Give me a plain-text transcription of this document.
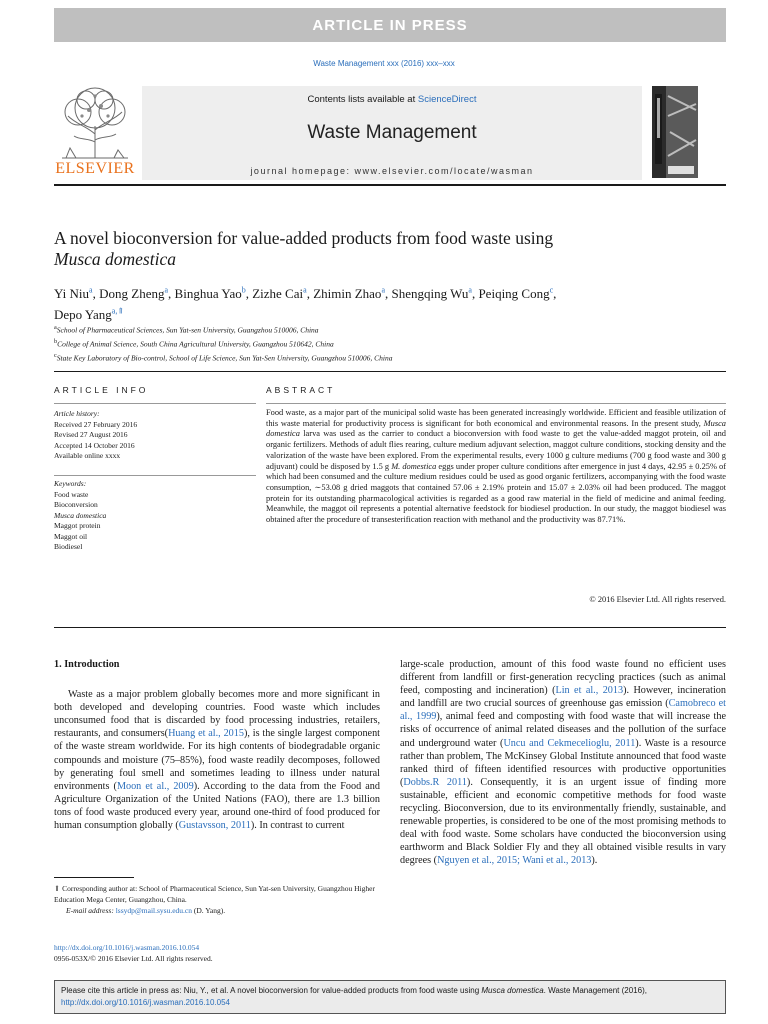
ARTICLE IN PRESS
Waste Management xxx (2016) xxx–xxx
ELSEVIER
Contents lists available at ScienceDirect
Waste Management
journal homepage: www.elsevier.com/locate/wasman
A novel bioconversion for value-added products from food waste using
Musca domestica
Yi Niu$^a$, Dong Zheng$^a$, Binghua Yao$^b$, Zizhe Cai$^a$, Zhimin Zhao$^a$, Shengqing Wu$^a$, Peiqing Cong$^c$,
Depo Yang$^{a,⇑}$
$^a$School of Pharmaceutical Sciences, Sun Yat-sen University, Guangzhou 510006, China
$^b$College of Animal Science, South China Agricultural University, Guangzhou 510642, China
$^c$State Key Laboratory of Bio-control, School of Life Science, Sun Yat-Sen University, Guangzhou 510006, China
ARTICLE INFO	ABSTRACT
Article history:
Received 27 February 2016
Revised 27 August 2016
Accepted 14 October 2016
Available online xxxx
Keywords:
Food waste
Bioconversion
Musca domestica
Maggot protein
Maggot oil
Biodiesel
Food waste, as a major part of the municipal solid waste has been generated increasingly worldwide. Efficient and feasible utilization of this waste material for productivity process is significant for both economical and environmental reasons. In the present study, Musca domestica larva was used as the carrier to conduct a bioconversion with food waste to get the value-added maggot protein, oil and organic fertilizers. Methods of adult flies rearing, culture medium adjuvant selection, maggot culture conditions, stocking density and the valorization of the waste have been explored. From the experimental results, every 1000 g culture mediums (700 g food waste and 300 g adjuvant) could be disposed by 1.5 g M. domestica eggs under proper culture conditions after emergence in just 4 days, 42.95 ± 0.25% of which had been consumed and the culture medium residues could be used as good organic fertilizers, accompanying with the food waste consumption, ∼53.08 g dried maggots that contained 57.06 ± 2.19% protein and 15.07 ± 2.03% oil had been produced. The maggot protein for its outstanding pharmacological activities is regarded as a good raw material in the field of medicine and animal feeding. Meanwhile, the maggot oil represents a potential alternative feedstock for biodiesel production. In our study, the maggot biodiesel was obtained after the procedure of transesterification reaction with methanol and the productivity was 87.71%.
© 2016 Elsevier Ltd. All rights reserved.
1. Introduction
Waste as a major problem globally becomes more and more significant in both developed and developing countries. Food waste which includes unconsumed food that is discarded by food processing industries, retailers, restaurants, and consumers(Huang et al., 2015), is the single largest component of the waste stream worldwide. For its high contents of biodegradable organic compounds and moisture (75–85%), food waste readily decomposes, followed by generating foul smell and sometimes leading to illness under natural environments (Moon et al., 2009). According to the data from the Food and Agriculture Organization of the United Nations (FAO), there are 1.3 billion tons of food waste produced every year, around one-third of food produced for human consumption globally (Gustavsson, 2011). In contrast to current
large-scale production, amount of this food waste found no efficient uses different from landfill or first-generation recycling practices (such as animal feed, composting and incineration) (Lin et al., 2013). However, incineration and landfill are two crucial sources of greenhouse gas emission (Camobreco et al., 1999), animal feed and composting with food waste that will increase the risks of occurrence of animal related diseases and the pollution of the surface and underground water (Uncu and Cekmecelioglu, 2011). Waste is a resource rather than problem, The McKinsey Global Institute announced that food waste ranked third of fifteen identified resources with productive opportunities (Dobbs.R 2011). Consequently, it is an urgent issue of finding more sustainable, efficient and economic competitive methods for food waste recycling. Bioconversion, due to its environmentally friendly, sustainable, and renewable properties, is considered to be one of the most promising methods to deal with food waste. Some scholars have conducted the bioconversion using earthworm and Black Soldier Fly and they all obtained visible results in vary degrees (Nguyen et al., 2015; Wani et al., 2013).
⇑ Corresponding author at: School of Pharmaceutical Science, Sun Yat-sen University, Guangzhou Higher Education Mega Center, Guangzhou, China.
E-mail address: lssydp@mail.sysu.edu.cn (D. Yang).
http://dx.doi.org/10.1016/j.wasman.2016.10.054
0956-053X/© 2016 Elsevier Ltd. All rights reserved.
Please cite this article in press as: Niu, Y., et al. A novel bioconversion for value-added products from food waste using Musca domestica. Waste Management (2016), http://dx.doi.org/10.1016/j.wasman.2016.10.054
